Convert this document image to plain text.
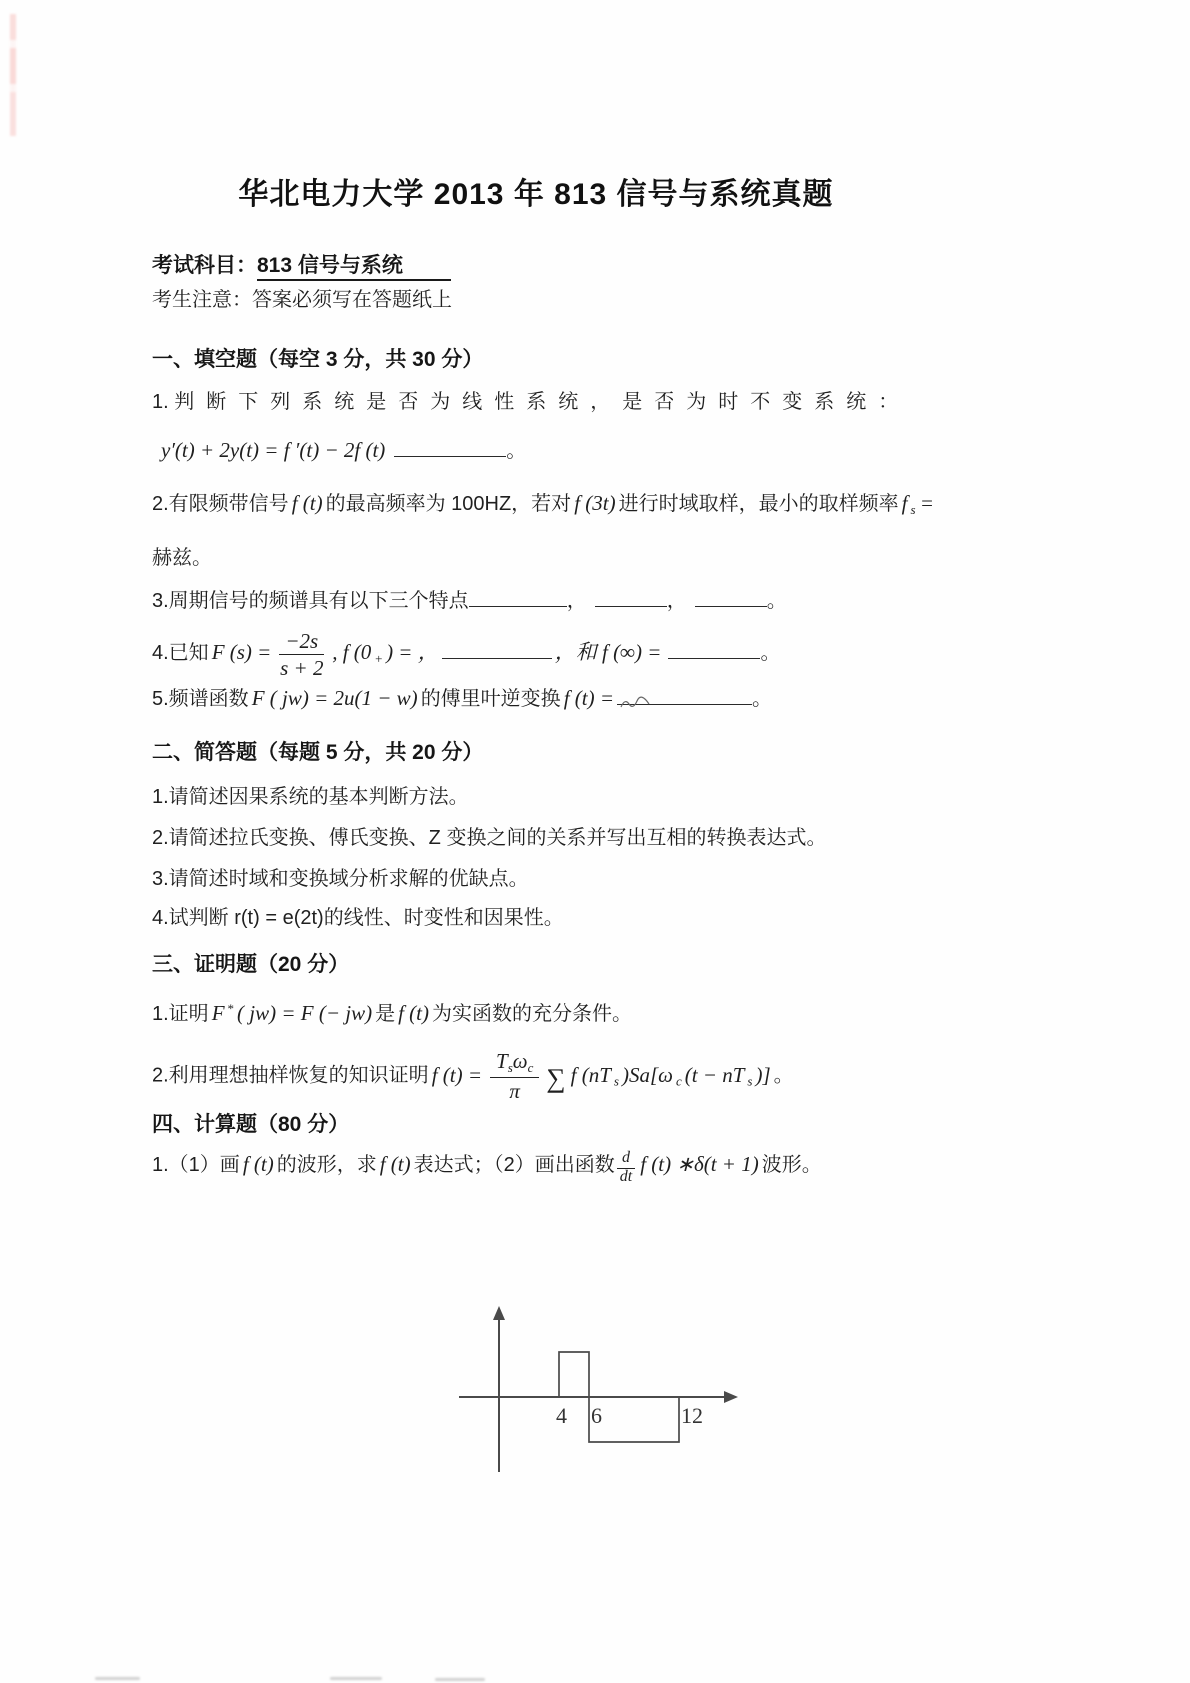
华北电力大学 2013 年 813 信号与系统真题
考试科目：813 信号与系统
考生注意：答案必须写在答题纸上
一、填空题（每空 3 分，共 30 分）
1. 判断下列系统是否为线性系统，是否为时不变系统：
y′(t) + 2y(t) = f ′(t) − 2f (t)	。
2.有限频带信号 f (t) 的最高频率为 100HZ，若对 f (3t) 进行时域取样，最小的取样频率 f $_s$ =
赫兹。
3.周期信号的频谱具有以下三个特点	，	，	。
4.已知 F $(s) = \frac{-2s}{s + 2}$ , f (0 $_+$ ) = ，	，和 f (∞) =	。
5.频谱函数 F ( jw) = 2u(1 − w) 的傅里叶逆变换 f (t) =	。
二、简答题（每题 5 分，共 20 分）
1.请简述因果系统的基本判断方法。
2.请简述拉氏变换、傅氏变换、Z 变换之间的关系并写出互相的转换表达式。
3.请简述时域和变换域分析求解的优缺点。
4.试判断 r(t) = e(2t)的线性、时变性和因果性。
三、证明题（20 分）
1.证明 F * ( jw) = F (− jw) 是 f (t) 为实函数的充分条件。
2.利用理想抽样恢复的知识证明 f $(t) = \frac{T_s\omega_c}{\pi}$ ∑ f (nT $_s$ )Sa[ω $_c$ (t − nT $_s$ )] 。
四、计算题（80 分）
1.（1）画 f (t) 的波形，求 f (t) 表达式；（2）画出函数 $\frac{d}{dt}$ f (t) ∗δ(t + 1) 波形。
4 6	12
